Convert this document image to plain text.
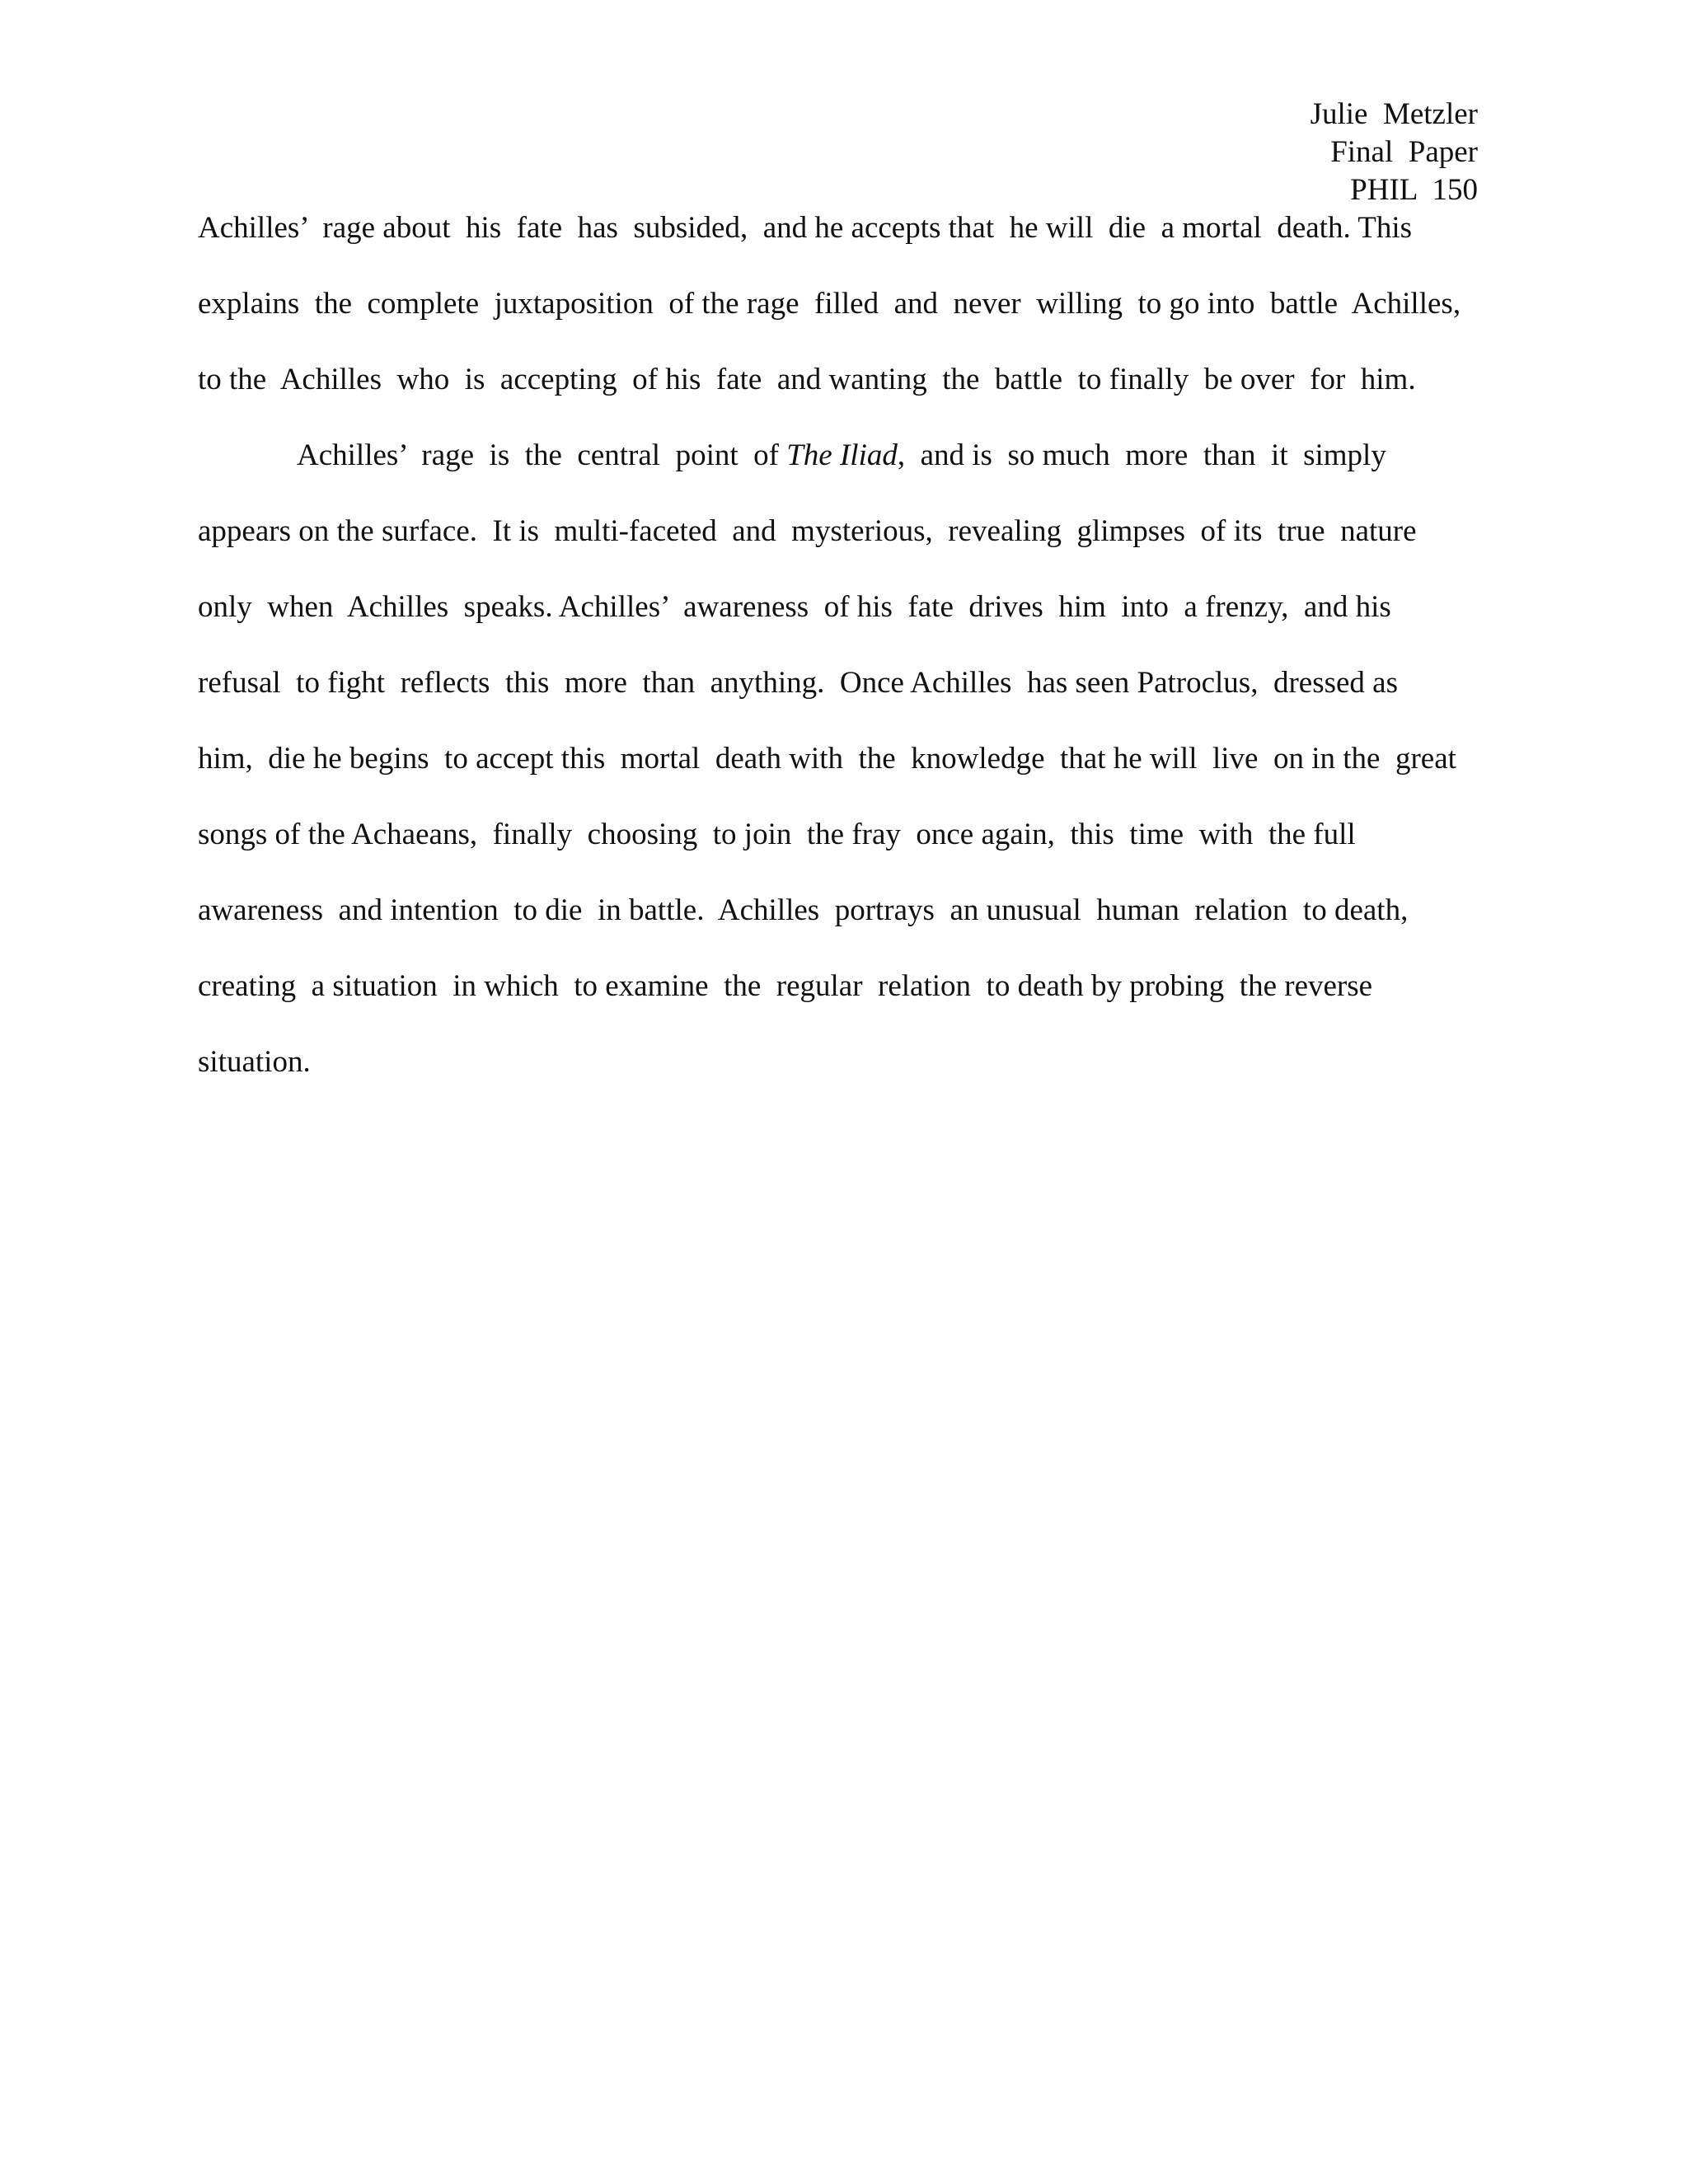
Julie  Metzler
Final  Paper
PHIL  150
Achilles’  rage about  his  fate  has  subsided,  and he accepts that  he will  die  a mortal  death. This
explains  the  complete  juxtaposition  of the rage  filled  and  never  willing  to go into  battle  Achilles,
to the  Achilles  who  is  accepting  of his  fate  and wanting  the  battle  to finally  be over  for  him.
Achilles’  rage  is  the  central  point  of The Iliad,  and is  so much  more  than  it  simply
appears on the surface.  It is  multi-faceted  and  mysterious,  revealing  glimpses  of its  true  nature
only  when  Achilles  speaks. Achilles’  awareness  of his  fate  drives  him  into  a frenzy,  and his
refusal  to fight  reflects  this  more  than  anything.  Once Achilles  has seen Patroclus,  dressed as
him,  die he begins  to accept this  mortal  death with  the  knowledge  that he will  live  on in the  great
songs of the Achaeans,  finally  choosing  to join  the fray  once again,  this  time  with  the full
awareness  and intention  to die  in battle.  Achilles  portrays  an unusual  human  relation  to death,
creating  a situation  in which  to examine  the  regular  relation  to death by probing  the reverse
situation.
